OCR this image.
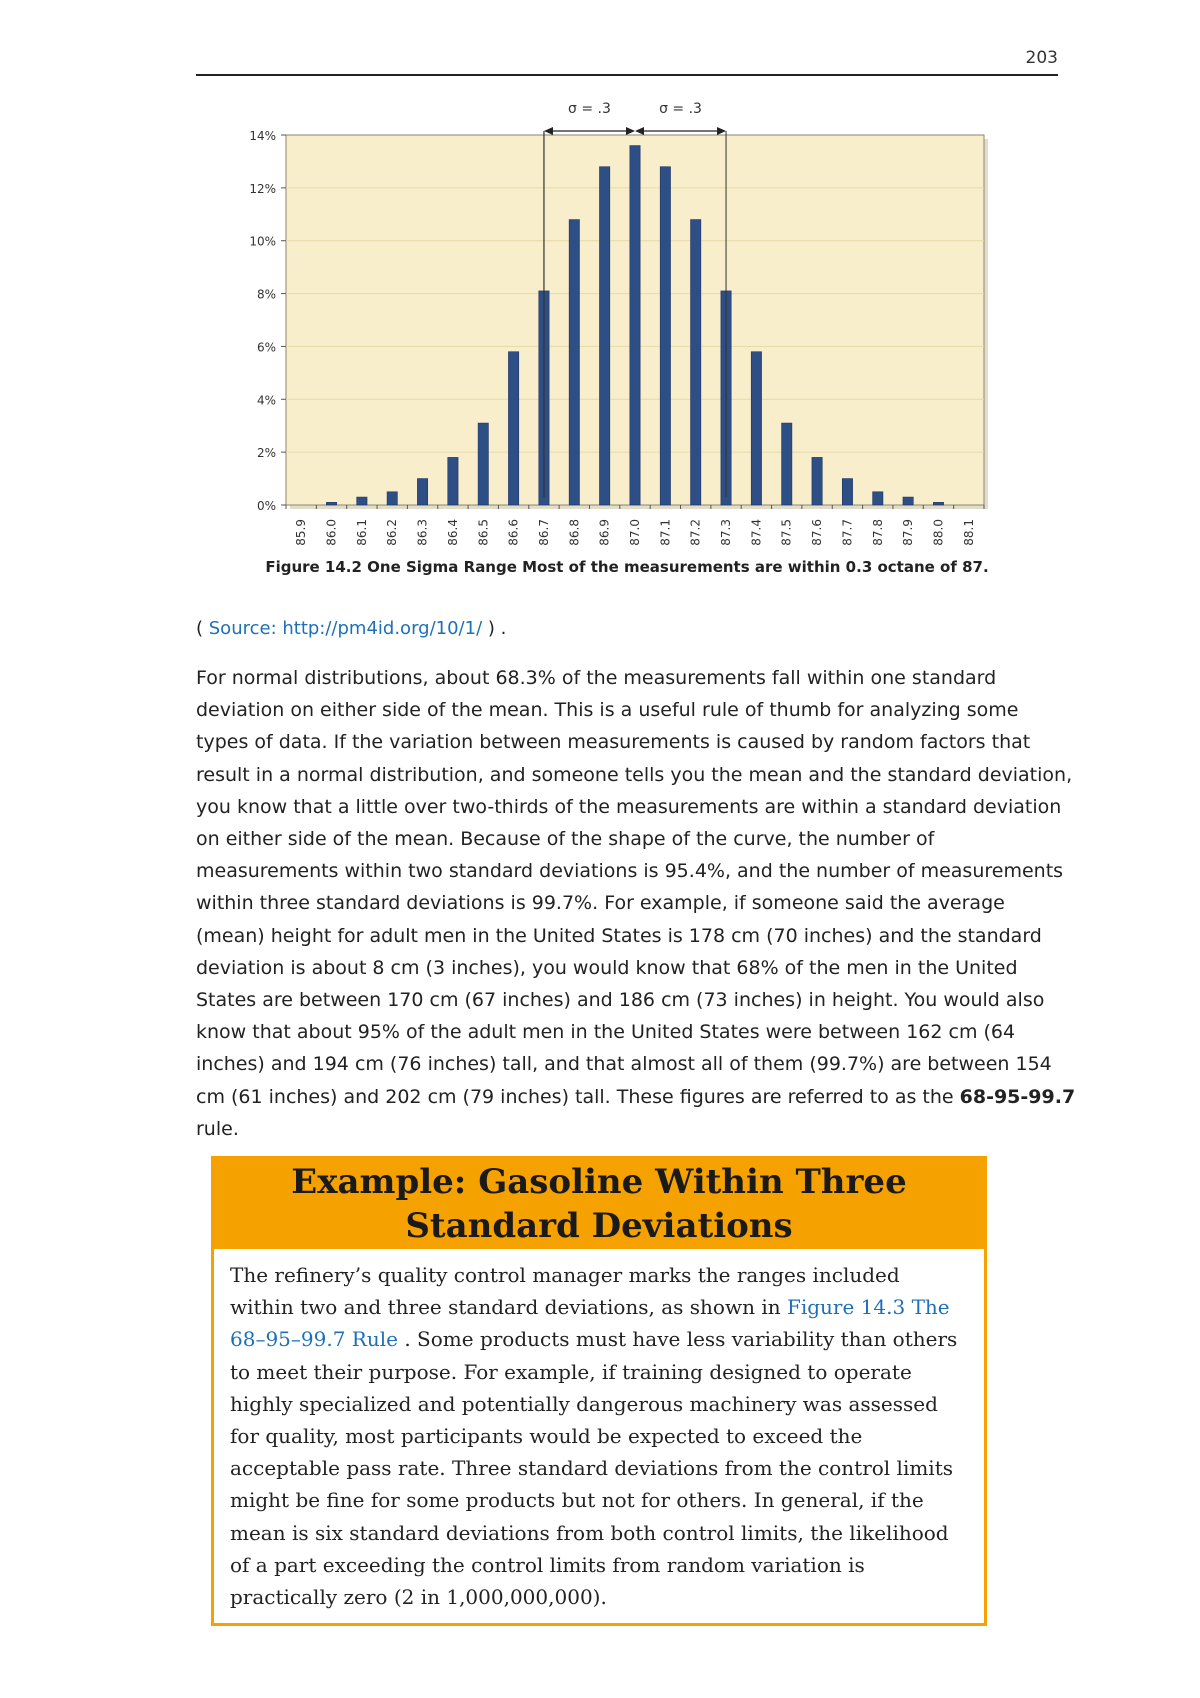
203
0%
2%
4%
6%
8%
10%
12%
14%
85.9 86.0 86.1 86.2 86.3 86.4 86.5 86.6 86.7 86.8 86.9 87.0 87.1 87.2 87.3 87.4 87.5 87.6 87.7 87.8 87.9 88.0 88.1
σ = .3	σ = .3
Figure 14.2 One Sigma Range Most of the measurements are within 0.3 octane of 87.
( Source: http://pm4id.org/10/1/ ) .

For normal distributions, about 68.3% of the measurements fall within one standard deviation on either side of the mean. This is a useful rule of thumb for analyzing some types of data. If the variation between measurements is caused by random factors that result in a normal distribution, and someone tells you the mean and the standard deviation, you know that a little over two-thirds of the measurements are within a standard deviation on either side of the mean. Because of the shape of the curve, the number of measurements within two standard deviations is 95.4%, and the number of measurements within three standard deviations is 99.7%. For example, if someone said the average (mean) height for adult men in the United States is 178 cm (70 inches) and the standard deviation is about 8 cm (3 inches), you would know that 68% of the men in the United States are between 170 cm (67 inches) and 186 cm (73 inches) in height. You would also know that about 95% of the adult men in the United States were between 162 cm (64 inches) and 194 cm (76 inches) tall, and that almost all of them (99.7%) are between 154 cm (61 inches) and 202 cm (79 inches) tall. These figures are referred to as the 68-95-99.7 rule.

Example: Gasoline Within Three Standard Deviations

The refinery’s quality control manager marks the ranges included within two and three standard deviations, as shown in Figure 14.3 The 68–95–99.7 Rule . Some products must have less variability than others to meet their purpose. For example, if training designed to operate highly specialized and potentially dangerous machinery was assessed for quality, most participants would be expected to exceed the acceptable pass rate. Three standard deviations from the control limits might be fine for some products but not for others. In general, if the mean is six standard deviations from both control limits, the likelihood of a part exceeding the control limits from random variation is practically zero (2 in 1,000,000,000).
